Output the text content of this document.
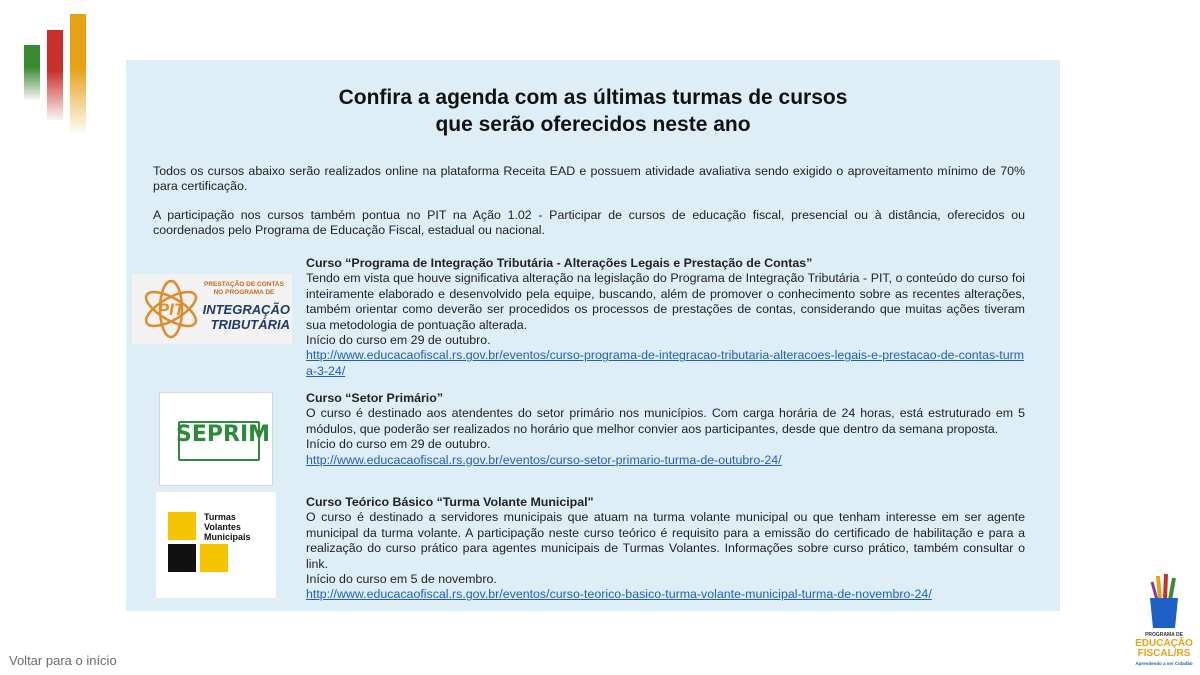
Confira a agenda com as últimas turmas de cursos
que serão oferecidos neste ano
Todos os cursos abaixo serão realizados online na plataforma Receita EAD e possuem atividade avaliativa sendo exigido o aproveitamento mínimo de 70% para certificação.
A participação nos cursos também pontua no PIT na Ação 1.02 - Participar de cursos de educação fiscal, presencial ou à distância, oferecidos ou coordenados pelo Programa de Educação Fiscal, estadual ou nacional.
PIT
PRESTAÇÃO DE CONTAS NO PROGRAMA DE
INTEGRAÇÃO
TRIBUTÁRIA
Curso “Programa de Integração Tributária - Alterações Legais e Prestação de Contas”
Tendo em vista que houve significativa alteração na legislação do Programa de Integração Tributária - PIT, o conteúdo do curso foi inteiramente elaborado e desenvolvido pela equipe, buscando, além de promover o conhecimento sobre as recentes alterações, também orientar como deverão ser procedidos os processos de prestações de contas, considerando que muitas ações tiveram sua metodologia de pontuação alterada.
Início do curso em 29 de outubro.
http://www.educacaofiscal.rs.gov.br/eventos/curso-programa-de-integracao-tributaria-alteracoes-legais-e-prestacao-de-contas-turma-3-24/
SEPRIM
Curso “Setor Primário”
O curso é destinado aos atendentes do setor primário nos municípios. Com carga horária de 24 horas, está estruturado em 5 módulos, que poderão ser realizados no horário que melhor convier aos participantes, desde que dentro da semana proposta.
Início do curso em 29 de outubro.
http://www.educacaofiscal.rs.gov.br/eventos/curso-setor-primario-turma-de-outubro-24/
Turmas
Volantes
Municipais
Curso Teórico Básico “Turma Volante Municipal"
O curso é destinado a servidores municipais que atuam na turma volante municipal ou que tenham interesse em ser agente municipal da turma volante. A participação neste curso teórico é requisito para a emissão do certificado de habilitação e para a realização do curso prático para agentes municipais de Turmas Volantes. Informações sobre curso prático, também consultar o link.
Início do curso em 5 de novembro.
http://www.educacaofiscal.rs.gov.br/eventos/curso-teorico-basico-turma-volante-municipal-turma-de-novembro-24/
Voltar para o início
PROGRAMA DE
EDUCAÇÃO
FISCAL/RS
Aprendendo a ser Cidadão
